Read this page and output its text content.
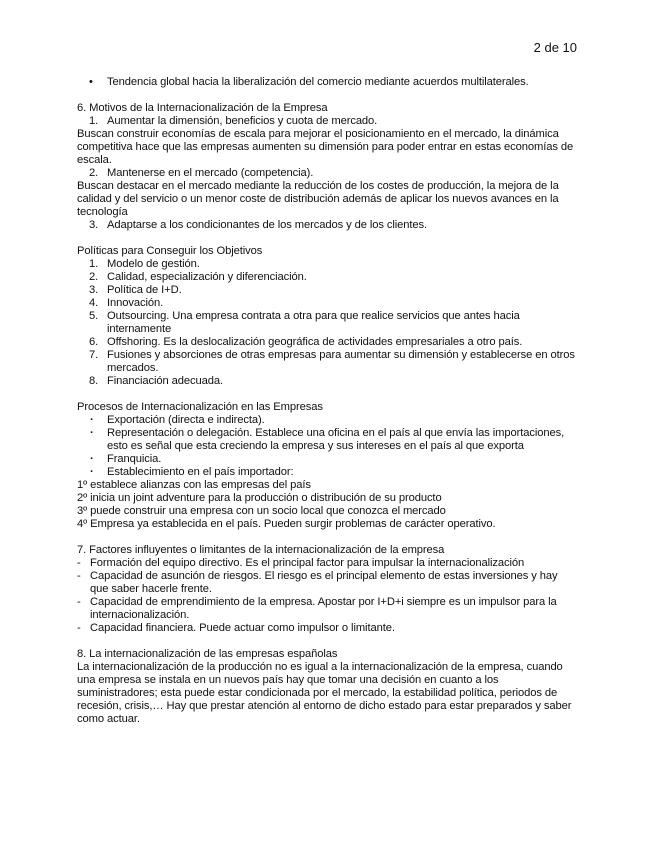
2 de 10
• Tendencia global hacia la liberalización del comercio mediante acuerdos multilaterales.

6. Motivos de la Internacionalización de la Empresa

1. Aumentar la dimensión, beneficios y cuota de mercado.

Buscan construir economías de escala para mejorar el posicionamiento en el mercado, la dinámica competitiva hace que las empresas aumenten su dimensión para poder entrar en estas economías de escala.

2. Mantenerse en el mercado (competencia).

Buscan destacar en el mercado mediante la reducción de los costes de producción, la mejora de la calidad y del servicio o un menor coste de distribución además de aplicar los nuevos avances en la tecnología

3. Adaptarse a los condicionantes de los mercados y de los clientes.

Políticas para Conseguir los Objetivos

1. Modelo de gestión.
2. Calidad, especialización y diferenciación.
3. Política de I+D.
4. Innovación.
5. Outsourcing. Una empresa contrata a otra para que realice servicios que antes hacia internamente
6. Offshoring. Es la deslocalización geográfica de actividades empresariales a otro país.
7. Fusiones y absorciones de otras empresas para aumentar su dimensión y establecerse en otros mercados.
8. Financiación adecuada.

Procesos de Internacionalización en las Empresas

· Exportación (directa e indirecta).
· Representación o delegación. Establece una oficina en el país al que envía las importaciones, esto es señal que esta creciendo la empresa y sus intereses en el país al que exporta
· Franquicia.
· Establecimiento en el país importador:

1º establece alianzas con las empresas del país

2º inicia un joint adventure para la producción o distribución de su producto

3º puede construir una empresa con un socio local que conozca el mercado

4º Empresa ya establecida en el país. Pueden surgir problemas de carácter operativo.

7. Factores influyentes o limitantes de la internacionalización de la empresa

- Formación del equipo directivo. Es el principal factor para impulsar la internacionalización
- Capacidad de asunción de riesgos. El riesgo es el principal elemento de estas inversiones y hay que saber hacerle frente.
- Capacidad de emprendimiento de la empresa. Apostar por I+D+i siempre es un impulsor para la internacionalización.
- Capacidad financiera. Puede actuar como impulsor o limitante.

8. La internacionalización de las empresas españolas

La internacionalización de la producción no es igual a la internacionalización de la empresa, cuando una empresa se instala en un nuevos país hay que tomar una decisión en cuanto a los suministradores; esta puede estar condicionada por el mercado, la estabilidad política, periodos de recesión, crisis,… Hay que prestar atención al entorno de dicho estado para estar preparados y saber como actuar.
